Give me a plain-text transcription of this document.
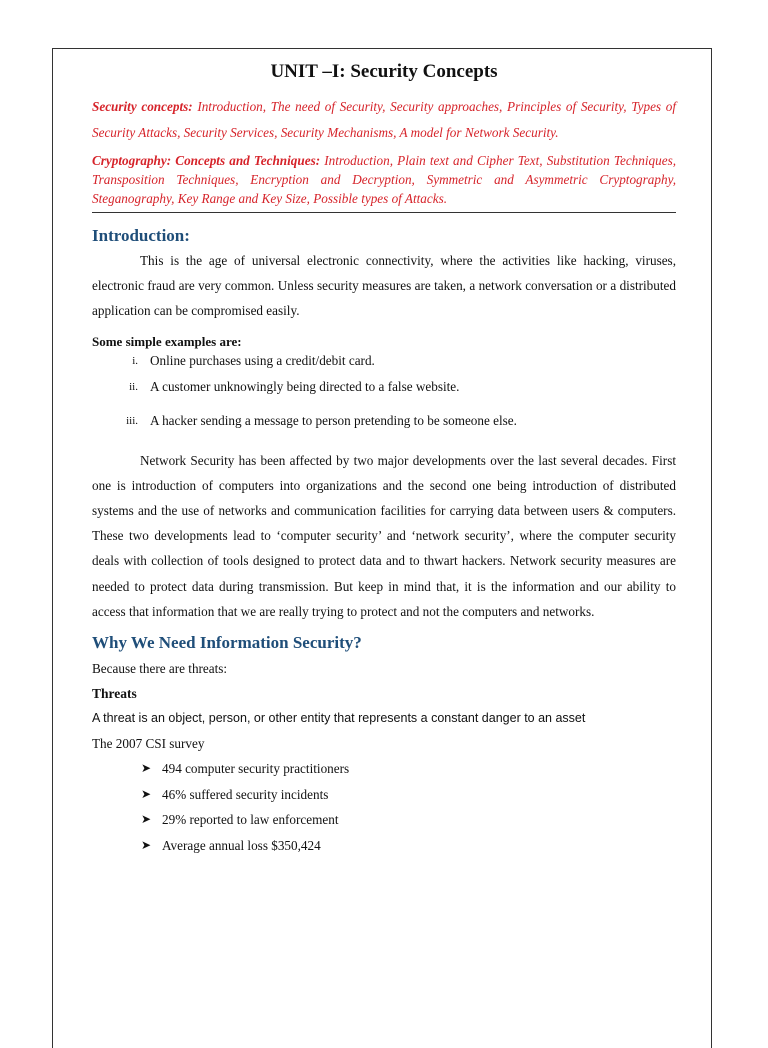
UNIT –I: Security Concepts

Security concepts: Introduction, The need of Security, Security approaches, Principles of Security, Types of Security Attacks, Security Services, Security Mechanisms, A model for Network Security.

Cryptography: Concepts and Techniques: Introduction, Plain text and Cipher Text, Substitution Techniques, Transposition Techniques, Encryption and Decryption, Symmetric and Asymmetric Cryptography, Steganography, Key Range and Key Size, Possible types of Attacks.

Introduction:

This is the age of universal electronic connectivity, where the activities like hacking, viruses, electronic fraud are very common. Unless security measures are taken, a network conversation or a distributed application can be compromised easily.

Some simple examples are:

i. Online purchases using a credit/debit card.
ii. A customer unknowingly being directed to a false website.
iii. A hacker sending a message to person pretending to be someone else.

Network Security has been affected by two major developments over the last several decades. First one is introduction of computers into organizations and the second one being introduction of distributed systems and the use of networks and communication facilities for carrying data between users & computers. These two developments lead to ‘computer security’ and ‘network security’, where the computer security deals with collection of tools designed to protect data and to thwart hackers. Network security measures are needed to protect data during transmission. But keep in mind that, it is the information and our ability to access that information that we are really trying to protect and not the computers and networks.

Why We Need Information Security?

Because there are threats:

Threats

A threat is an object, person, or other entity that represents a constant danger to an asset

The 2007 CSI survey

➤ 494 computer security practitioners
➤ 46% suffered security incidents
➤ 29% reported to law enforcement
➤ Average annual loss $350,424
